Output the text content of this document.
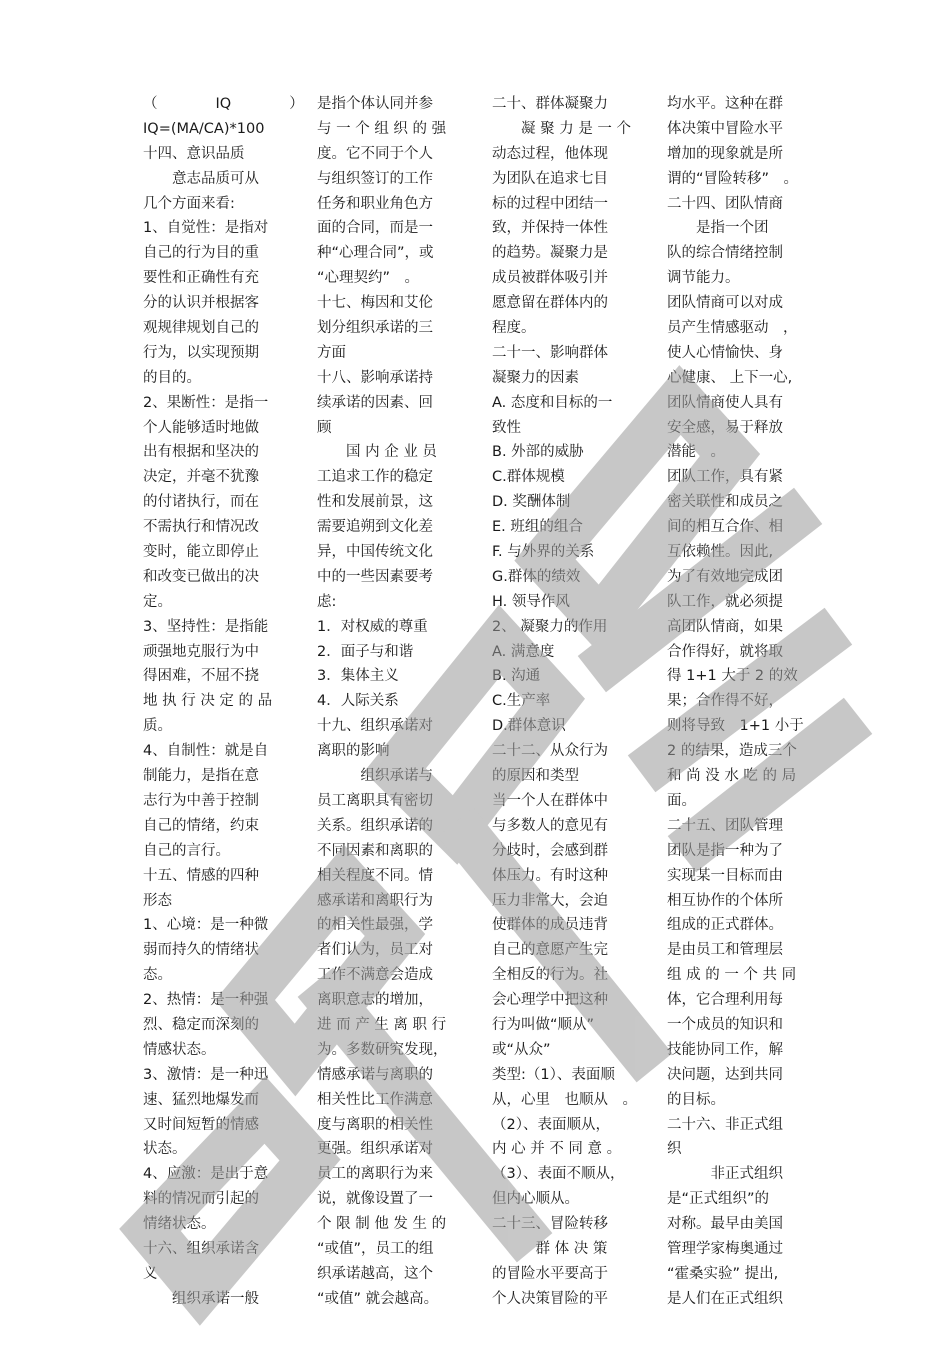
（　　　　IQ　　　　）
IQ=(MA/CA)*100
十四、意识品质
　　意志品质可从
几个方面来看:
1、自觉性：是指对
自己的行为目的重
要性和正确性有充
分的认识并根据客
观规律规划自己的
行为，以实现预期
的目的。
2、果断性：是指一
个人能够适时地做
出有根据和坚决的
决定，并毫不犹豫
的付诸执行，而在
不需执行和情况改
变时，能立即停止
和改变已做出的决
定。
3、坚持性：是指能
顽强地克服行为中
得困难，不屈不挠
地 执 行 决 定 的 品
质。
4、自制性：就是自
制能力，是指在意
志行为中善于控制
自己的情绪，约束
自己的言行。
十五、情感的四种
形态
1、心境：是一种微
弱而持久的情绪状
态。
2、热情：是一种强
烈、稳定而深刻的
情感状态。
3、激情：是一种迅
速、猛烈地爆发而
又时间短暂的情感
状态。
4、应激：是出于意
料的情况而引起的
情绪状态。
十六、组织承诺含
义
　　组织承诺一般
是指个体认同并参
与 一 个 组 织 的 强
度。它不同于个人
与组织签订的工作
任务和职业角色方
面的合同，而是一
种“心理合同”，或
“心理契约”　。
十七、梅因和艾伦
划分组织承诺的三
方面
十八、影响承诺持
续承诺的因素、回
顾
　　国 内 企 业 员
工追求工作的稳定
性和发展前景，这
需要追朔到文化差
异，中国传统文化
中的一些因素要考
虑:
1．对权威的尊重
2．面子与和谐
3．集体主义
4．人际关系
十九、组织承诺对
离职的影响
　　　组织承诺与
员工离职具有密切
关系。组织承诺的
不同因素和离职的
相关程度不同。情
感承诺和离职行为
的相关性最强，学
者们认为，员工对
工作不满意会造成
离职意志的增加，
进 而 产 生 离 职 行
为。多数研究发现，
情感承诺与离职的
相关性比工作满意
度与离职的相关性
更强。组织承诺对
员工的离职行为来
说，就像设置了一
个 限 制 他 发 生 的
“或值”，员工的组
织承诺越高，这个
“或值” 就会越高。
二十、群体凝聚力
　　凝 聚 力 是 一 个
动态过程，他体现
为团队在追求七目
标的过程中团结一
致，并保持一体性
的趋势。凝聚力是
成员被群体吸引并
愿意留在群体内的
程度。
二十一、影响群体
凝聚力的因素
A. 态度和目标的一
致性
B. 外部的威胁
C.群体规模
D. 奖酬体制
E. 班组的组合
F. 与外界的关系
G.群体的绩效
H. 领导作风
2、 凝聚力的作用
A. 满意度
B. 沟通
C.生产率
D.群体意识
二十二、从众行为
的原因和类型
当一个人在群体中
与多数人的意见有
分歧时，会感到群
体压力。有时这种
压力非常大，会迫
使群体的成员违背
自己的意愿产生完
全相反的行为。社
会心理学中把这种
行为叫做“顺从”
或“从众”
类型:（1）、表面顺
从，心里　也顺从　。
（2）、表面顺从，
内 心 并 不 同 意 。
（3）、表面不顺从，
但内心顺从。
二十三、冒险转移
　　　群 体 决 策
的冒险水平要高于
个人决策冒险的平
均水平。这种在群
体决策中冒险水平
增加的现象就是所
谓的“冒险转移”　。
二十四、团队情商
　　是指一个团
队的综合情绪控制
调节能力。
团队情商可以对成
员产生情感驱动　，
使人心情愉快、身
心健康、 上下一心,
团队情商使人具有
安全感，易于释放
潜能　。
团队工作，具有紧
密关联性和成员之
间的相互合作、相
互依赖性。因此,
为了有效地完成团
队工作，就必须提
高团队情商，如果
合作得好，就将取
得 1+1 大于 2 的效
果；合作得不好，
则将导致　1+1 小于
2 的结果，造成三个
和 尚 没 水 吃 的 局
面。
二十五、团队管理
团队是指一种为了
实现某一目标而由
相互协作的个体所
组成的正式群体。
是由员工和管理层
组 成 的 一 个 共 同
体，它合理利用每
一个成员的知识和
技能协同工作，解
决问题，达到共同
的目标。
二十六、非正式组
织
　　　非正式组织
是“正式组织”的
对称。最早由美国
管理学家梅奥通过
“霍桑实验” 提出,
是人们在正式组织
